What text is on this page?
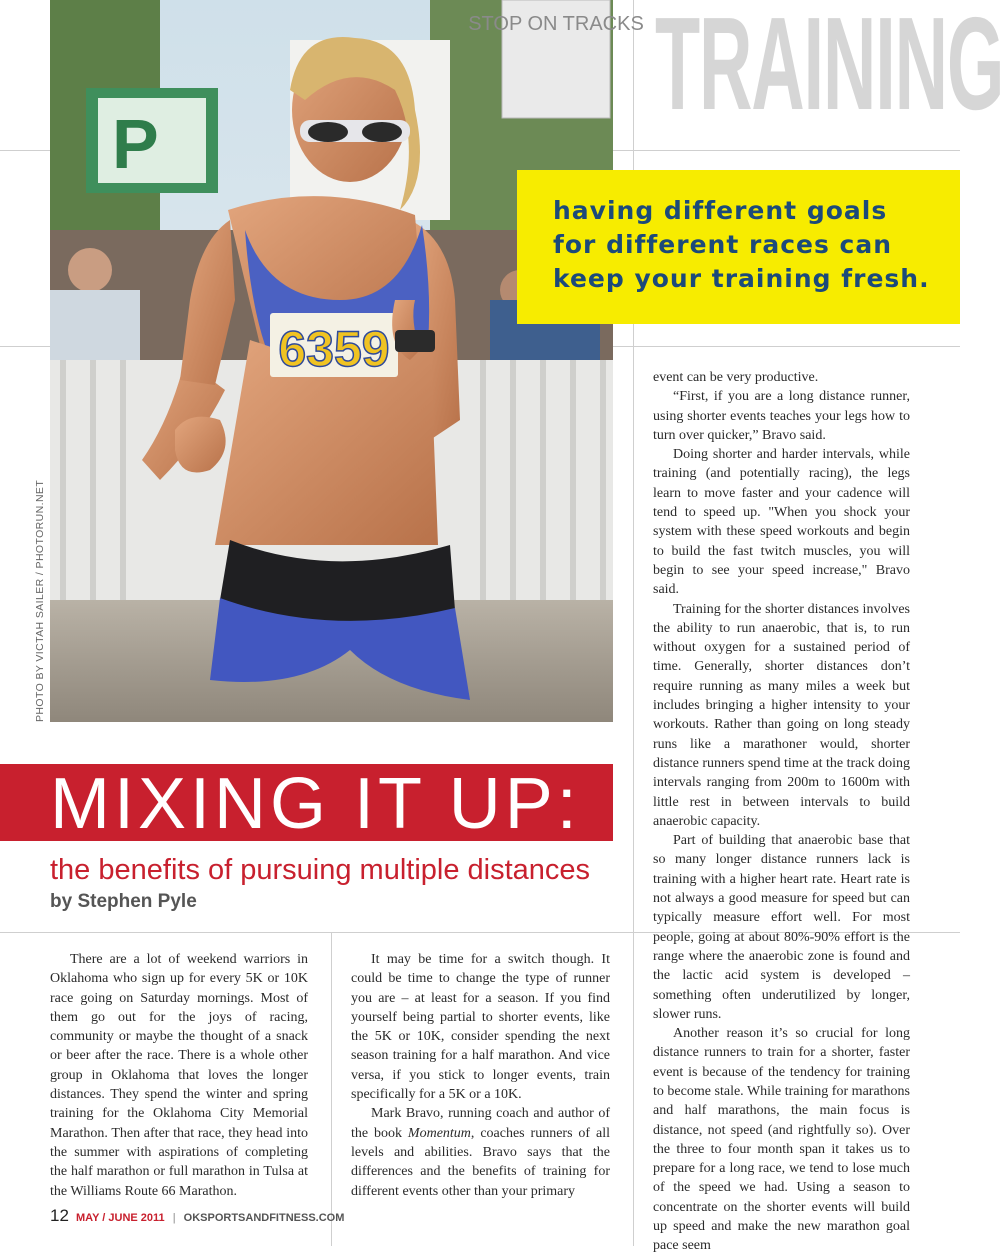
STOP ON TRACKS
P
6359
PHOTO BY VICTAH SAILER / PHOTORUN.NET
TRAINING

having different goals for different races can keep your training fresh.

MIXING IT UP:
the benefits of pursuing multiple distances
by Stephen Pyle

There are a lot of weekend warriors in Oklahoma who sign up for every 5K or 10K race going on Saturday mornings. Most of them go out for the joys of racing, community or maybe the thought of a snack or beer after the race. There is a whole other group in Oklahoma that loves the longer distances. They spend the winter and spring training for the Oklahoma City Memorial Marathon. Then after that race, they head into the summer with aspirations of completing the half marathon or full marathon in Tulsa at the Williams Route 66 Marathon.

It may be time for a switch though. It could be time to change the type of runner you are – at least for a season. If you find yourself being partial to shorter events, like the 5K or 10K, consider spending the next season training for a half marathon. And vice versa, if you stick to longer events, train specifically for a 5K or a 10K.

Mark Bravo, running coach and author of the book Momentum, coaches runners of all levels and abilities. Bravo says that the differences and the benefits of training for different events other than your primary

event can be very productive.

“First, if you are a long distance runner, using shorter events teaches your legs how to turn over quicker,” Bravo said.

Doing shorter and harder intervals, while training (and potentially racing), the legs learn to move faster and your cadence will tend to speed up. "When you shock your system with these speed workouts and begin to build the fast twitch muscles, you will begin to see your speed increase," Bravo said.

Training for the shorter distances involves the ability to run anaerobic, that is, to run without oxygen for a sustained period of time. Generally, shorter distances don’t require running as many miles a week but includes bringing a higher intensity to your workouts. Rather than going on long steady runs like a marathoner would, shorter distance runners spend time at the track doing intervals ranging from 200m to 1600m with little rest in between intervals to build anaerobic capacity.

Part of building that anaerobic base that so many longer distance runners lack is training with a higher heart rate. Heart rate is not always a good measure for speed but can typically measure effort well. For most people, going at about 80%-90% effort is the range where the anaerobic zone is found and the lactic acid system is developed – something often underutilized by longer, slower runs.

Another reason it’s so crucial for long distance runners to train for a shorter, faster event is because of the tendency for training to become stale. While training for marathons and half marathons, the main focus is distance, not speed (and rightfully so). Over the three to four month span it takes us to prepare for a long race, we tend to lose much of the speed we had. Using a season to concentrate on the shorter events will build up speed and make the new marathon goal pace seem

12 MAY / JUNE 2011 | OKSPORTSANDFITNESS.COM
